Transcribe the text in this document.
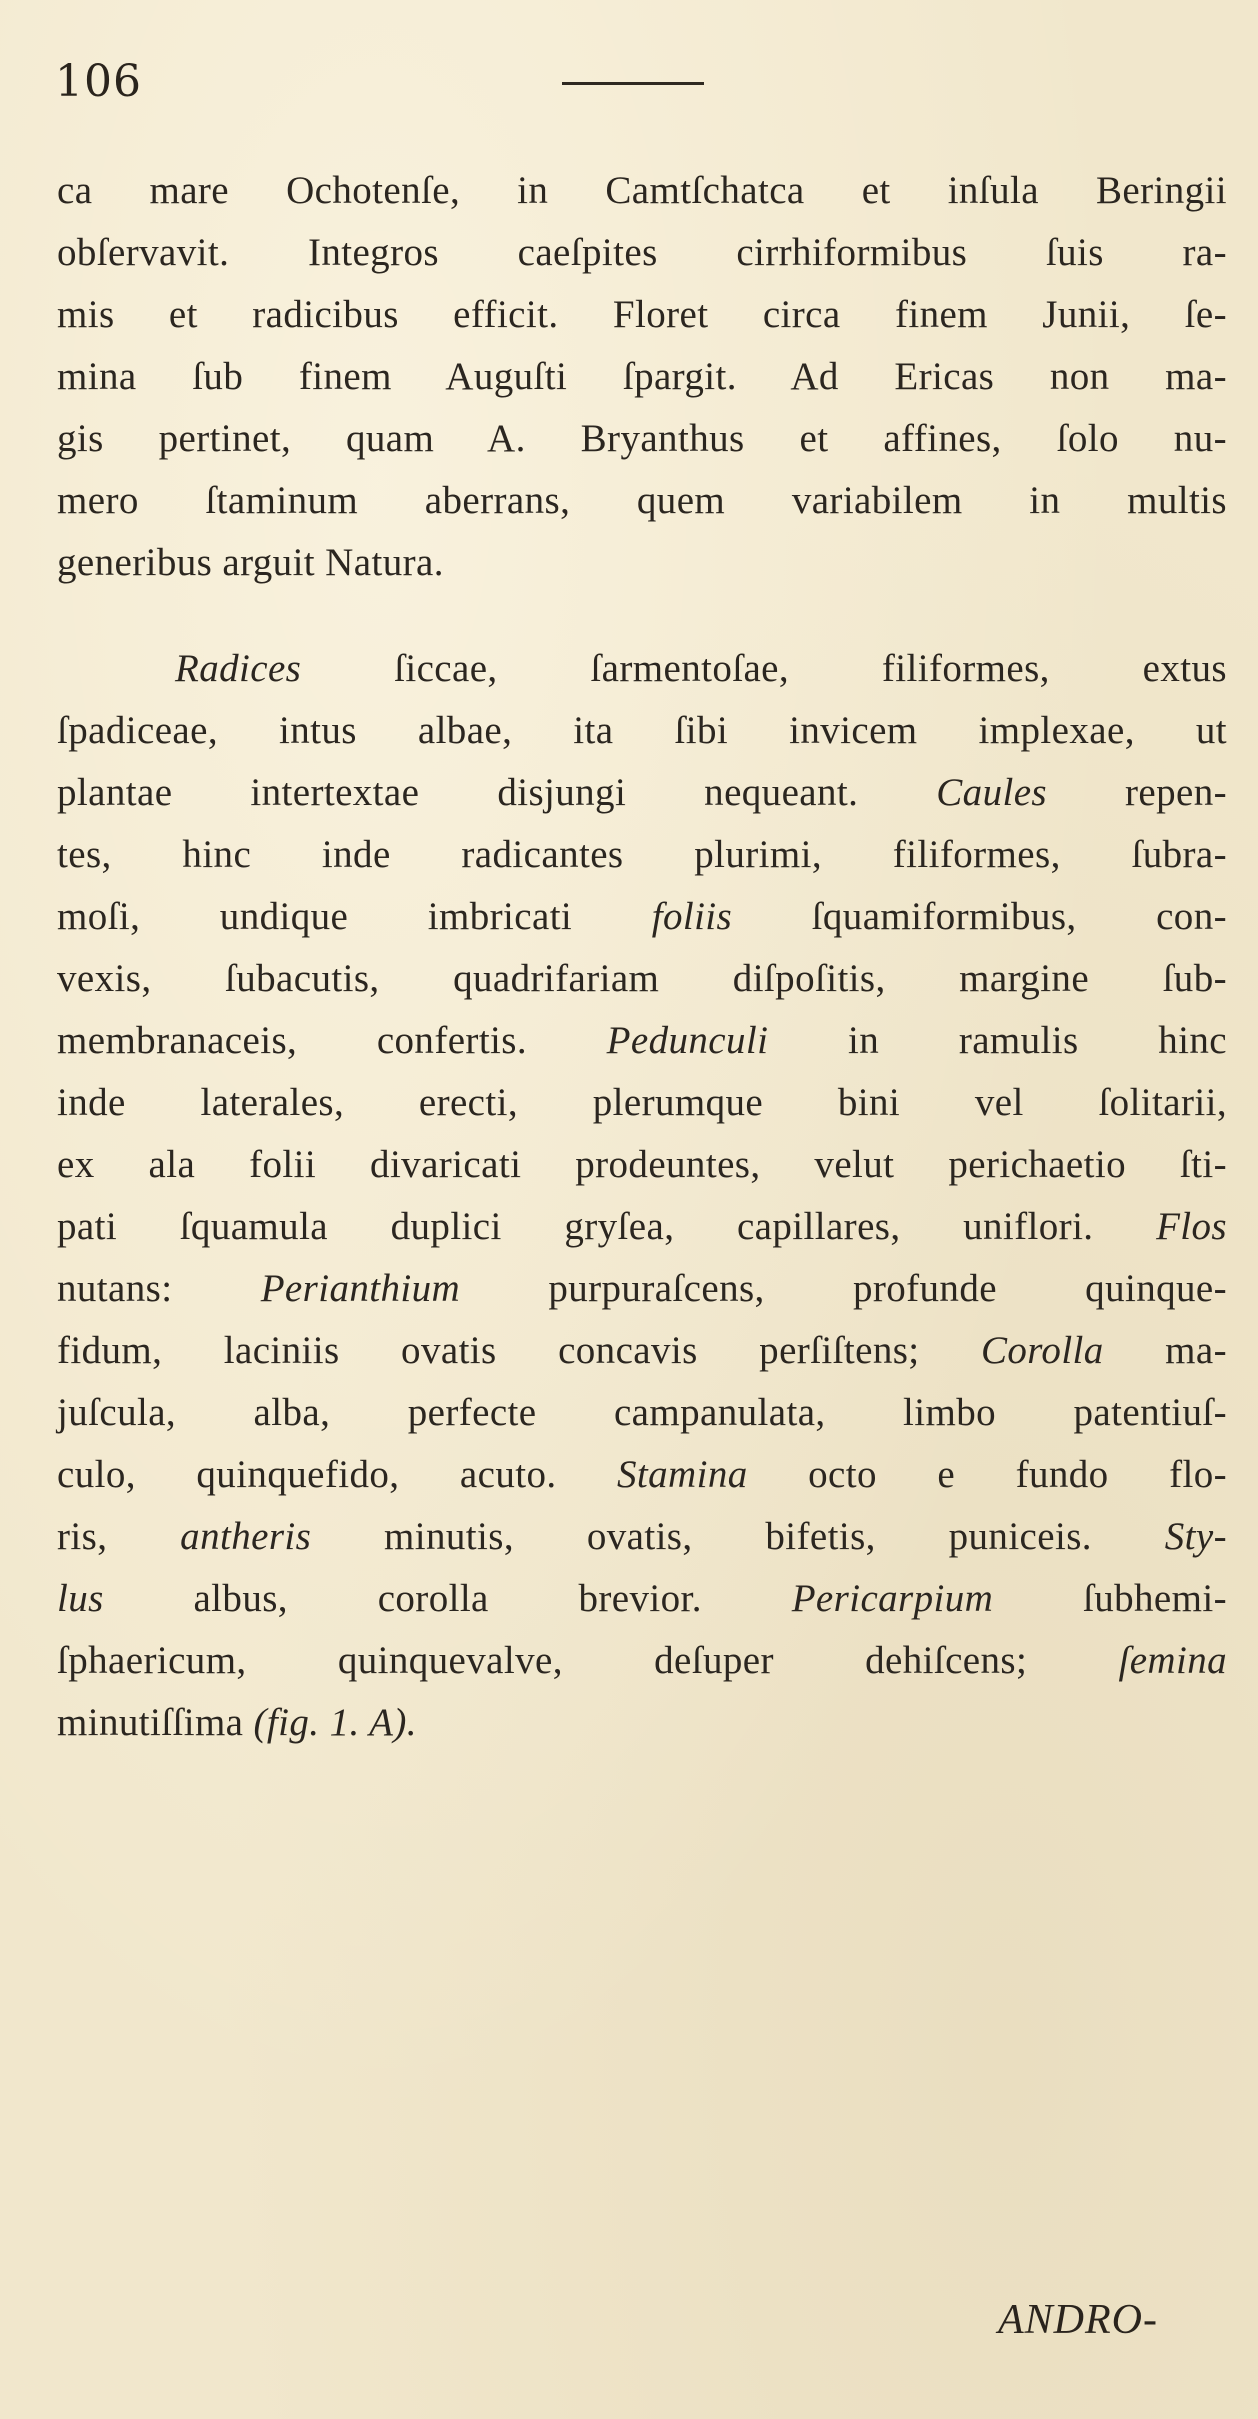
106
ca mare Ochotenſe, in Camtſchatca et inſula Beringii
obſervavit. Integros caeſpites cirrhiformibus ſuis ra-
mis et radicibus efficit. Floret circa finem Junii, ſe-
mina ſub finem Auguſti ſpargit. Ad Ericas non ma-
gis pertinet, quam A. Bryanthus et affines, ſolo nu-
mero ſtaminum aberrans, quem variabilem in multis
generibus arguit Natura.
Radices ſiccae, ſarmentoſae, filiformes, extus
ſpadiceae, intus albae, ita ſibi invicem implexae, ut
plantae intertextae disjungi nequeant. Caules repen-
tes, hinc inde radicantes plurimi, filiformes, ſubra-
moſi, undique imbricati foliis ſquamiformibus, con-
vexis, ſubacutis, quadrifariam diſpoſitis, margine ſub-
membranaceis, confertis. Pedunculi in ramulis hinc
inde laterales, erecti, plerumque bini vel ſolitarii,
ex ala folii divaricati prodeuntes, velut perichaetio ſti-
pati ſquamula duplici gryſea, capillares, uniflori. Flos
nutans: Perianthium purpuraſcens, profunde quinque-
fidum, laciniis ovatis concavis perſiſtens; Corolla ma-
juſcula, alba, perfecte campanulata, limbo patentiuſ-
culo, quinquefido, acuto. Stamina octo e fundo flo-
ris, antheris minutis, ovatis, bifetis, puniceis. Sty-
lus albus, corolla brevior. Pericarpium ſubhemi-
ſphaericum, quinquevalve, deſuper dehiſcens; ſemina
minutiſſima (fig. 1. A).
ANDRO-
